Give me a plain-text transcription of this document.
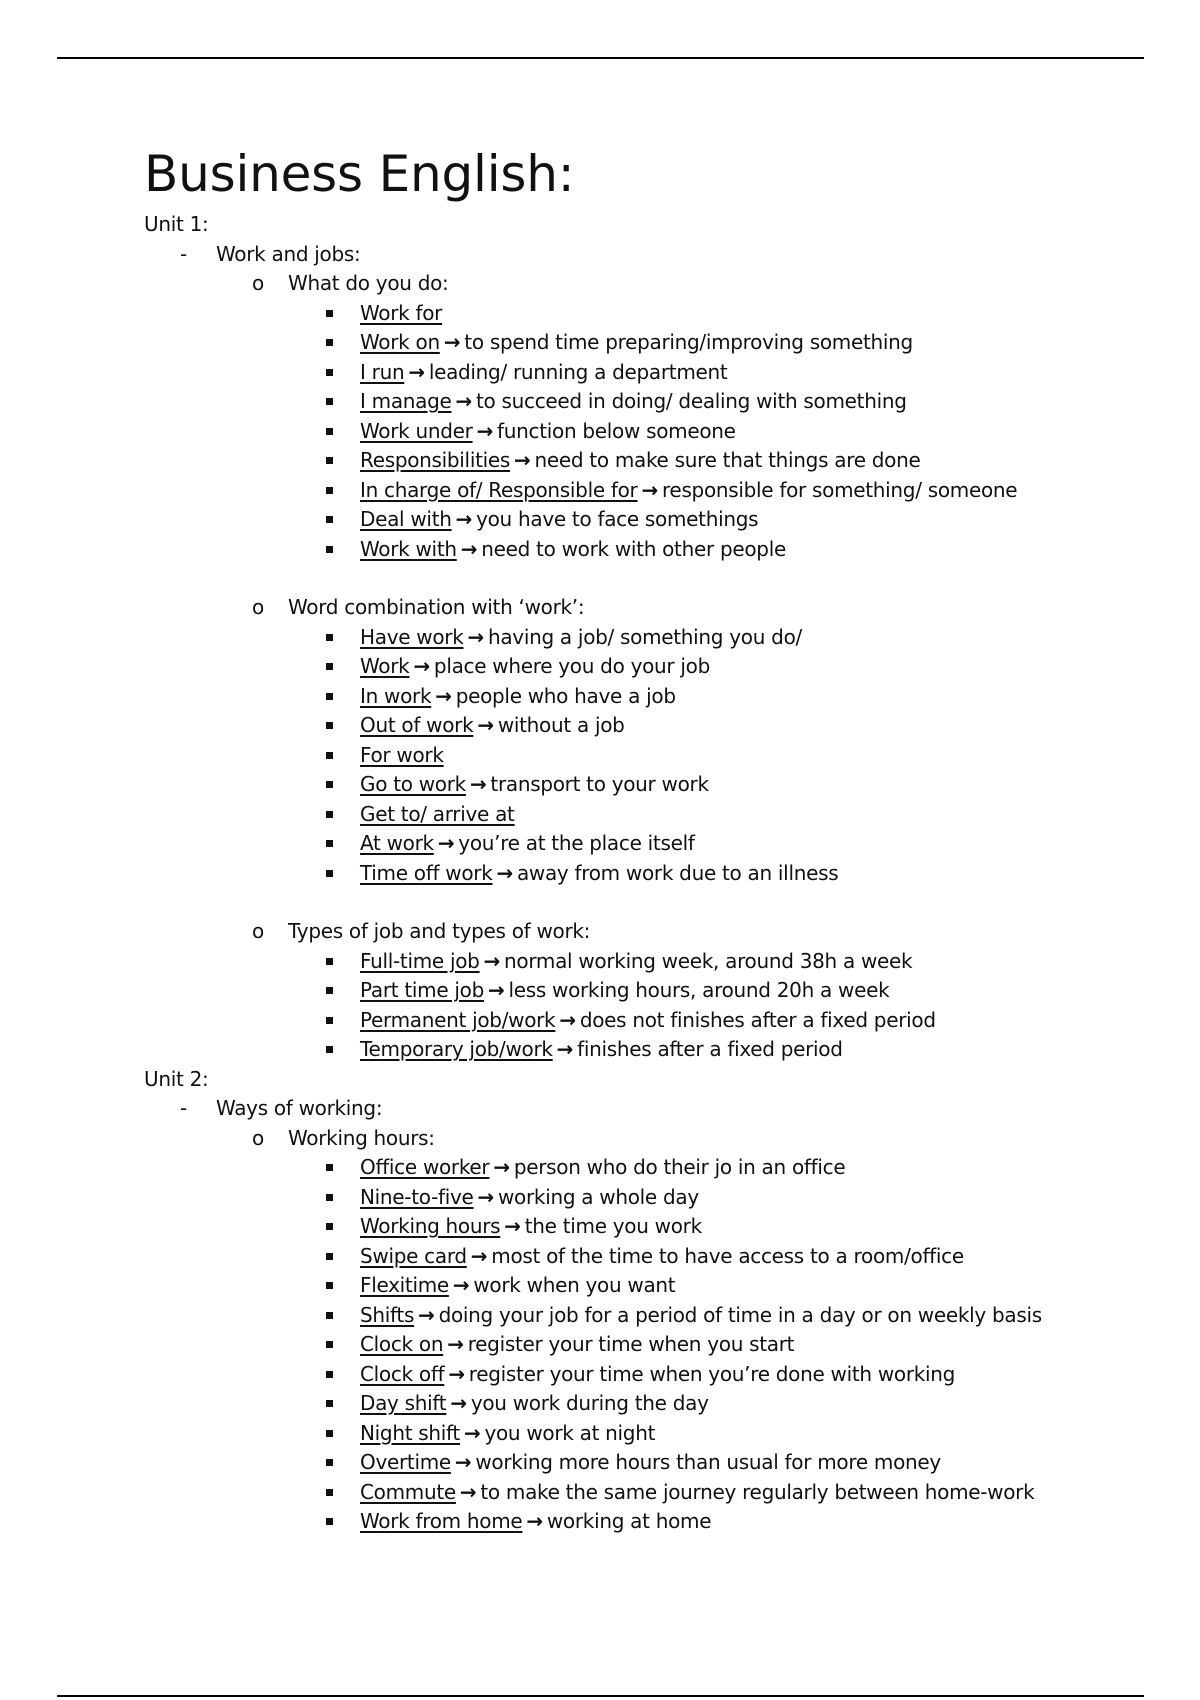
Business English:
Unit 1:
- Work and jobs:
o What do you do:
Work for
Work on → to spend time preparing/improving something
I run → leading/ running a department
I manage → to succeed in doing/ dealing with something
Work under → function below someone
Responsibilities → need to make sure that things are done
In charge of/ Responsible for → responsible for something/ someone
Deal with → you have to face somethings
Work with → need to work with other people
o Word combination with ‘work’:
Have work → having a job/ something you do/
Work → place where you do your job
In work → people who have a job
Out of work → without a job
For work
Go to work → transport to your work
Get to/ arrive at
At work → you’re at the place itself
Time off work → away from work due to an illness
o Types of job and types of work:
Full-time job → normal working week, around 38h a week
Part time job → less working hours, around 20h a week
Permanent job/work → does not finishes after a fixed period
Temporary job/work → finishes after a fixed period
Unit 2:
- Ways of working:
o Working hours:
Office worker → person who do their jo in an office
Nine-to-five → working a whole day
Working hours → the time you work
Swipe card → most of the time to have access to a room/office
Flexitime → work when you want
Shifts → doing your job for a period of time in a day or on weekly basis
Clock on → register your time when you start
Clock off → register your time when you’re done with working
Day shift → you work during the day
Night shift → you work at night
Overtime → working more hours than usual for more money
Commute → to make the same journey regularly between home-work
Work from home → working at home
